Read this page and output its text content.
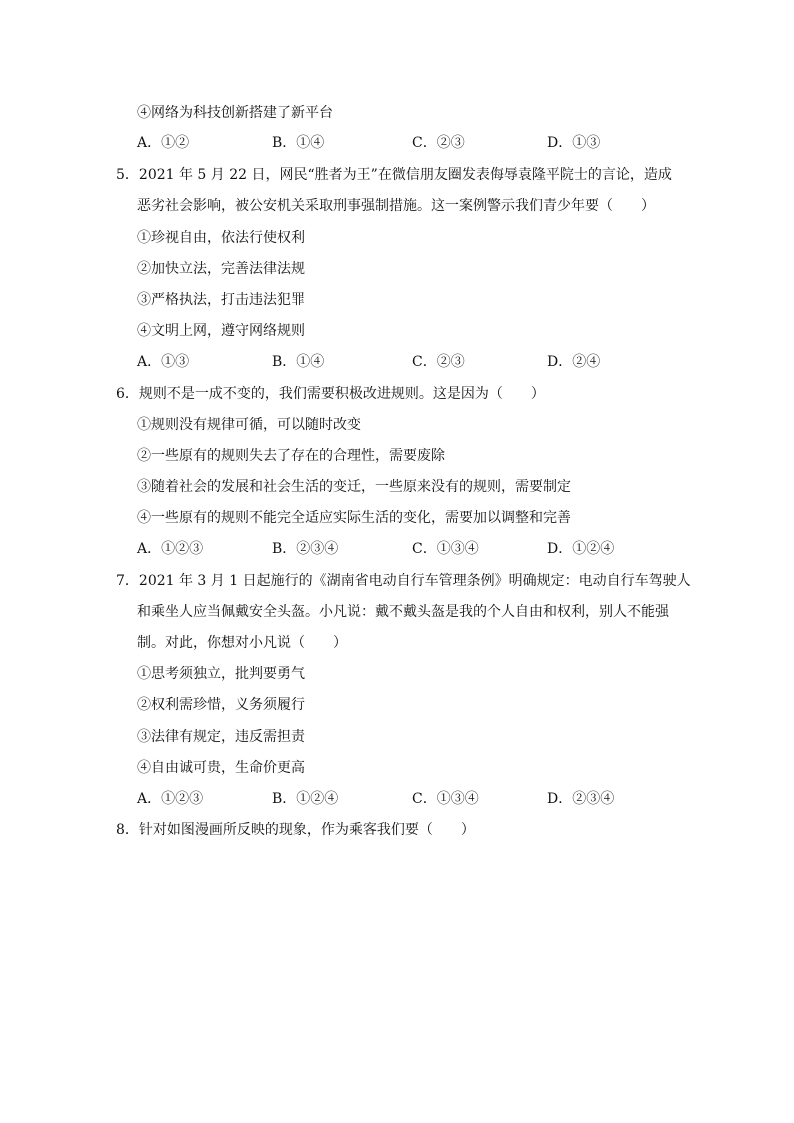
④网络为科技创新搭建了新平台
A．①②	B．①④	C．②③	D．①③
5．2021 年 5 月 22 日，网民“胜者为王”在微信朋友圈发表侮辱袁隆平院士的言论，造成
恶劣社会影响，被公安机关采取刑事强制措施。这一案例警示我们青少年要（　　）
①珍视自由，依法行使权利
②加快立法，完善法律法规
③严格执法，打击违法犯罪
④文明上网，遵守网络规则
A．①③	B．①④	C．②③	D．②④
6．规则不是一成不变的，我们需要积极改进规则。这是因为（　　）
①规则没有规律可循，可以随时改变
②一些原有的规则失去了存在的合理性，需要废除
③随着社会的发展和社会生活的变迁，一些原来没有的规则，需要制定
④一些原有的规则不能完全适应实际生活的变化，需要加以调整和完善
A．①②③	B．②③④	C．①③④	D．①②④
7．2021 年 3 月 1 日起施行的《湖南省电动自行车管理条例》明确规定：电动自行车驾驶人
和乘坐人应当佩戴安全头盔。小凡说：戴不戴头盔是我的个人自由和权利，别人不能强
制。对此，你想对小凡说（　　）
①思考须独立，批判要勇气
②权利需珍惜，义务须履行
③法律有规定，违反需担责
④自由诚可贵，生命价更高
A．①②③	B．①②④	C．①③④	D．②③④
8．针对如图漫画所反映的现象，作为乘客我们要（　　）
